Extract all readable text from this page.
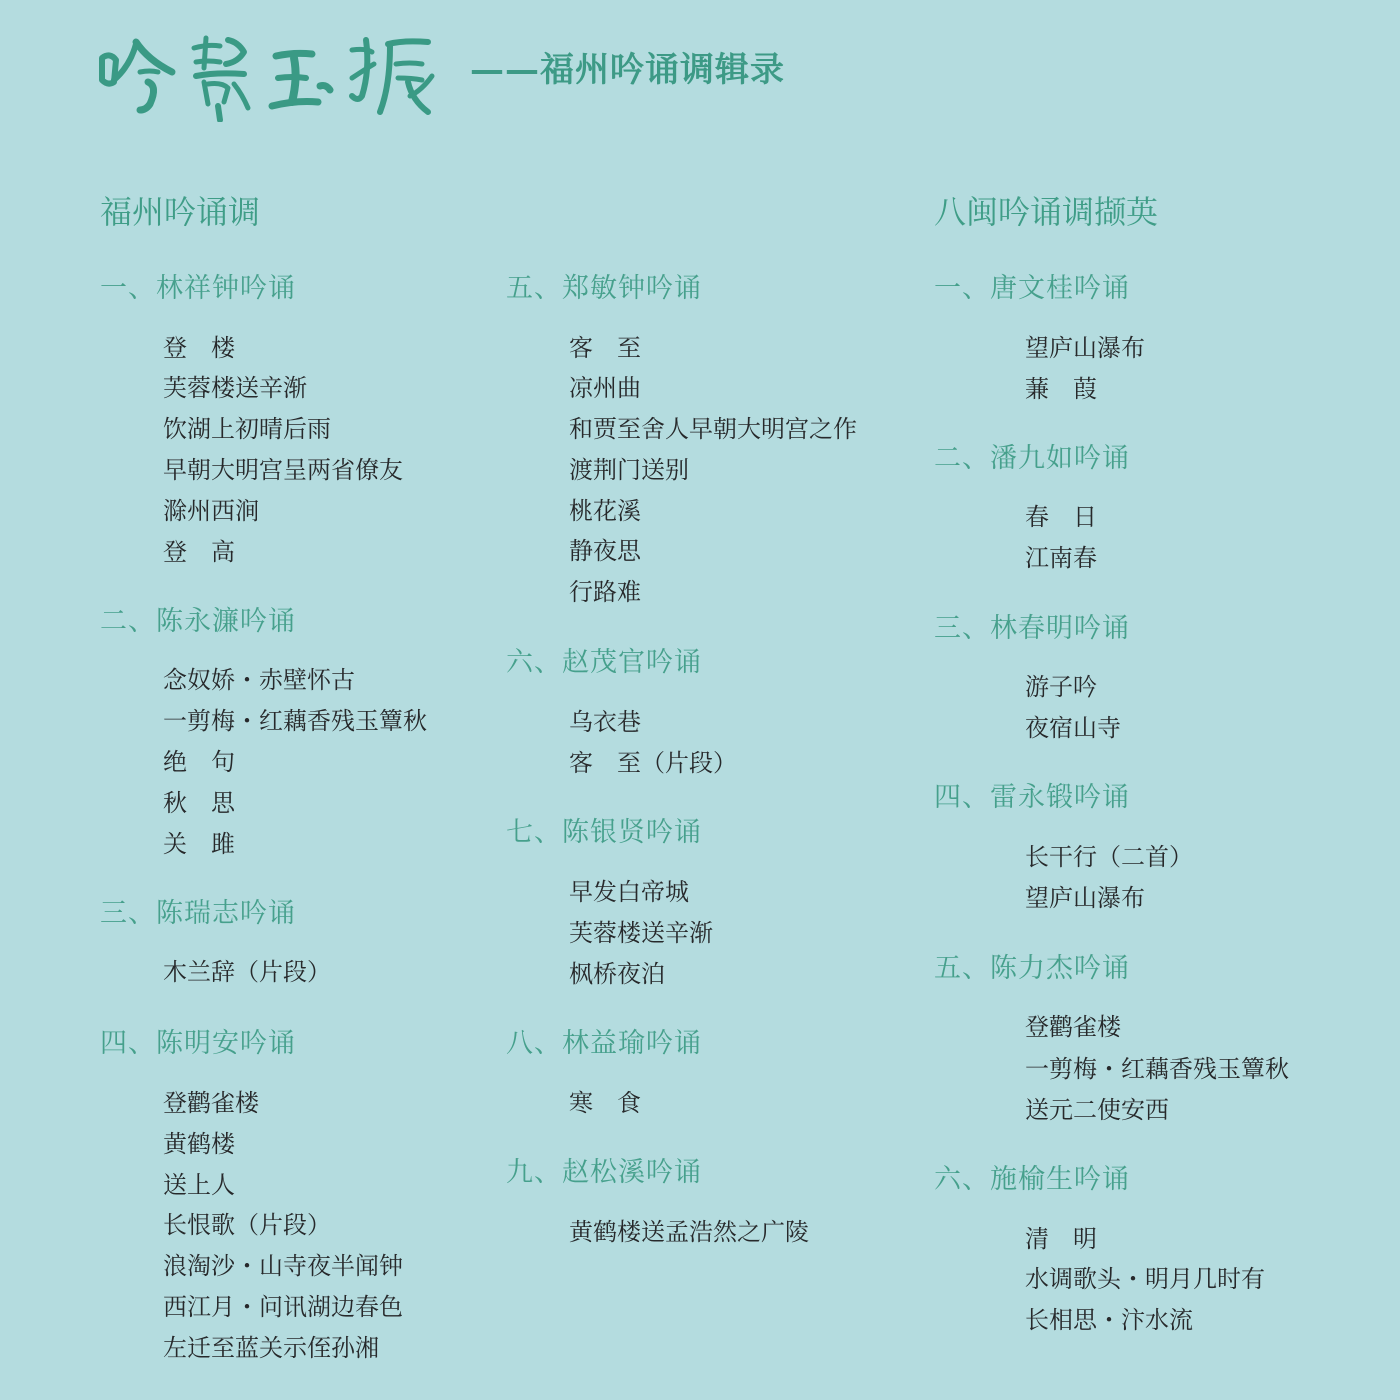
——福州吟诵调辑录
福州吟诵调
一、林祥钟吟诵
登　楼
芙蓉楼送辛渐
饮湖上初晴后雨
早朝大明宫呈两省僚友
滁州西涧
登　高
二、陈永濂吟诵
念奴娇・赤壁怀古
一剪梅・红藕香残玉簟秋
绝　句
秋　思
关　雎
三、陈瑞志吟诵
木兰辞（片段）
四、陈明安吟诵
登鹳雀楼
黄鹤楼
送上人
长恨歌（片段）
浪淘沙・山寺夜半闻钟
西江月・问讯湖边春色
左迁至蓝关示侄孙湘
五、郑敏钟吟诵
客　至
凉州曲
和贾至舍人早朝大明宫之作
渡荆门送别
桃花溪
静夜思
行路难
六、赵茂官吟诵
乌衣巷
客　至（片段）
七、陈银贤吟诵
早发白帝城
芙蓉楼送辛渐
枫桥夜泊
八、林益瑜吟诵
寒　食
九、赵松溪吟诵
黄鹤楼送孟浩然之广陵
八闽吟诵调撷英
一、唐文桂吟诵
望庐山瀑布
蒹　葭
二、潘九如吟诵
春　日
江南春
三、林春明吟诵
游子吟
夜宿山寺
四、雷永锻吟诵
长干行（二首）
望庐山瀑布
五、陈力杰吟诵
登鹳雀楼
一剪梅・红藕香残玉簟秋
送元二使安西
六、施榆生吟诵
清　明
水调歌头・明月几时有
长相思・汴水流
